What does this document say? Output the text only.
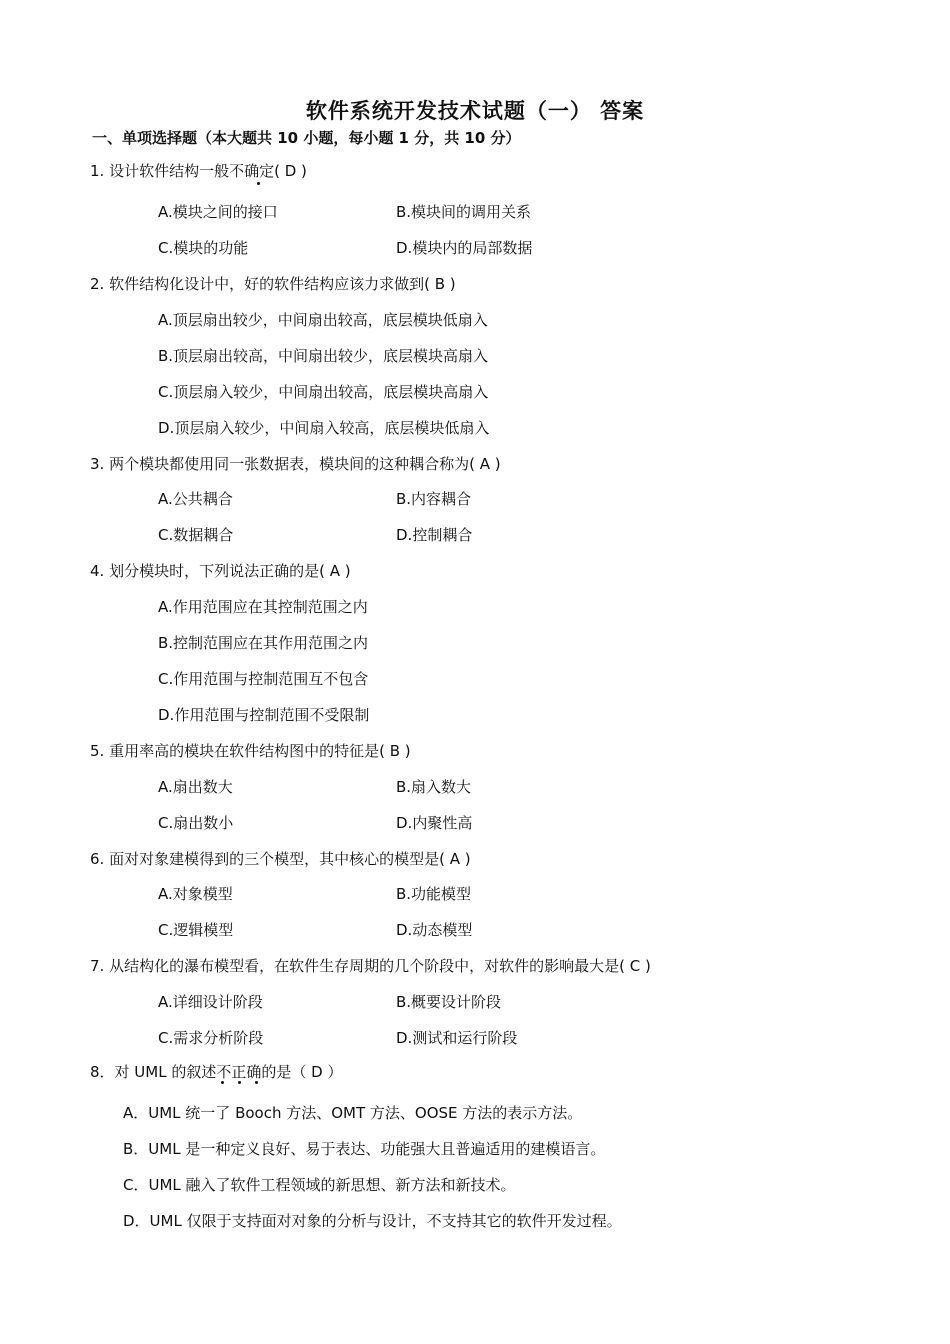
软件系统开发技术试题（一） 答案
一、单项选择题（本大题共 10 小题，每小题 1 分，共 10 分）
1. 设计软件结构一般不确定( D )
A.模块之间的接口	B.模块间的调用关系
C.模块的功能	D.模块内的局部数据
2. 软件结构化设计中，好的软件结构应该力求做到( B )
A.顶层扇出较少，中间扇出较高，底层模块低扇入
B.顶层扇出较高，中间扇出较少，底层模块高扇入
C.顶层扇入较少，中间扇出较高，底层模块高扇入
D.顶层扇入较少，中间扇入较高，底层模块低扇入
3. 两个模块都使用同一张数据表，模块间的这种耦合称为( A )
A.公共耦合	B.内容耦合
C.数据耦合	D.控制耦合
4. 划分模块时，下列说法正确的是( A )
A.作用范围应在其控制范围之内
B.控制范围应在其作用范围之内
C.作用范围与控制范围互不包含
D.作用范围与控制范围不受限制
5. 重用率高的模块在软件结构图中的特征是( B )
A.扇出数大	B.扇入数大
C.扇出数小	D.内聚性高
6. 面对对象建模得到的三个模型，其中核心的模型是( A )
A.对象模型	B.功能模型
C.逻辑模型	D.动态模型
7. 从结构化的瀑布模型看，在软件生存周期的几个阶段中，对软件的影响最大是( C )
A.详细设计阶段	B.概要设计阶段
C.需求分析阶段	D.测试和运行阶段
8．对 UML 的叙述不正确的是（ D ）
A．UML 统一了 Booch 方法、OMT 方法、OOSE 方法的表示方法。
B．UML 是一种定义良好、易于表达、功能强大且普遍适用的建模语言。
C．UML 融入了软件工程领域的新思想、新方法和新技术。
D．UML 仅限于支持面对对象的分析与设计，不支持其它的软件开发过程。
